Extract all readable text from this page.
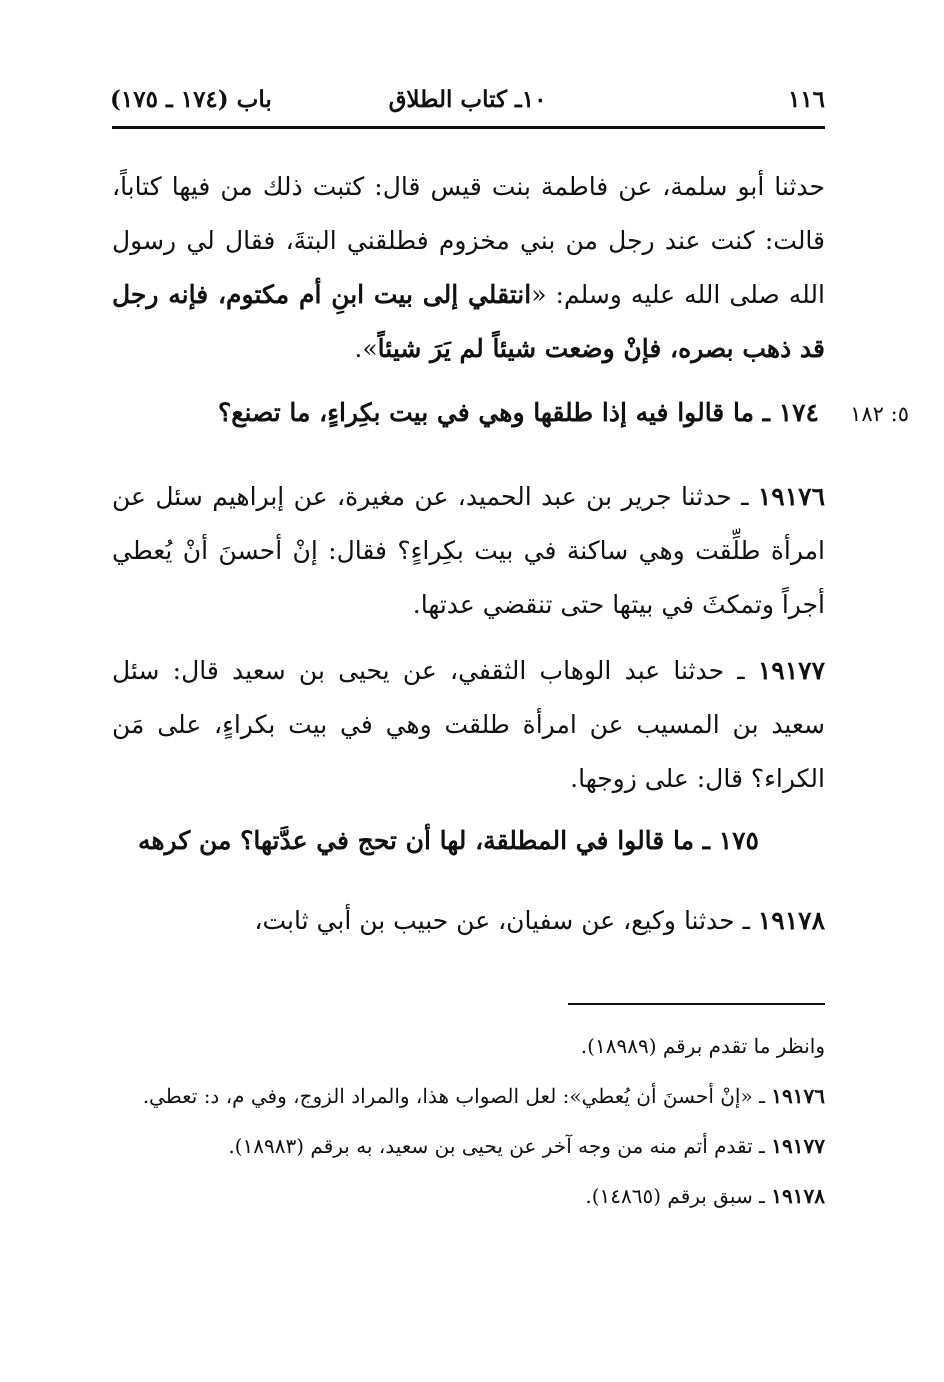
١١٦
١٠ـ كتاب الطلاق
باب (١٧٤ ـ ١٧٥)
حدثنا أبو سلمة، عن فاطمة بنت قيس قال: كتبت ذلك من فيها كتاباً، قالت: كنت عند رجل من بني مخزوم فطلقني البتةَ، فقال لي رسول الله صلى الله عليه وسلم: «انتقلي إلى بيت ابنِ أم مكتوم، فإنه رجل قد ذهب بصره، فإنْ وضعت شيئاً لم يَرَ شيئاً».
٥: ١٨٢
١٧٤ ـ ما قالوا فيه إذا طلقها وهي في بيت بكِراءٍ، ما تصنع؟
١٩١٧٦ ـ حدثنا جرير بن عبد الحميد، عن مغيرة، عن إبراهيم سئل عن امرأة طلِّقت وهي ساكنة في بيت بكِراءٍ؟ فقال: إنْ أحسنَ أنْ يُعطي أجراً وتمكثَ في بيتها حتى تنقضي عدتها.
١٩١٧٧ ـ حدثنا عبد الوهاب الثقفي، عن يحيى بن سعيد قال: سئل سعيد بن المسيب عن امرأة طلقت وهي في بيت بكراءٍ، على مَن الكراء؟ قال: على زوجها.
١٧٥ ـ ما قالوا في المطلقة، لها أن تحج في عدَّتها؟ من كرهه
١٩١٧٨ ـ حدثنا وكيع، عن سفيان، عن حبيب بن أبي ثابت،
وانظر ما تقدم برقم (١٨٩٨٩).
١٩١٧٦ ـ «إنْ أحسنَ أن يُعطي»: لعل الصواب هذا، والمراد الزوج، وفي م، د: تعطي.
١٩١٧٧ ـ تقدم أتم منه من وجه آخر عن يحيى بن سعيد، به برقم (١٨٩٨٣).
١٩١٧٨ ـ سبق برقم (١٤٨٦٥).
